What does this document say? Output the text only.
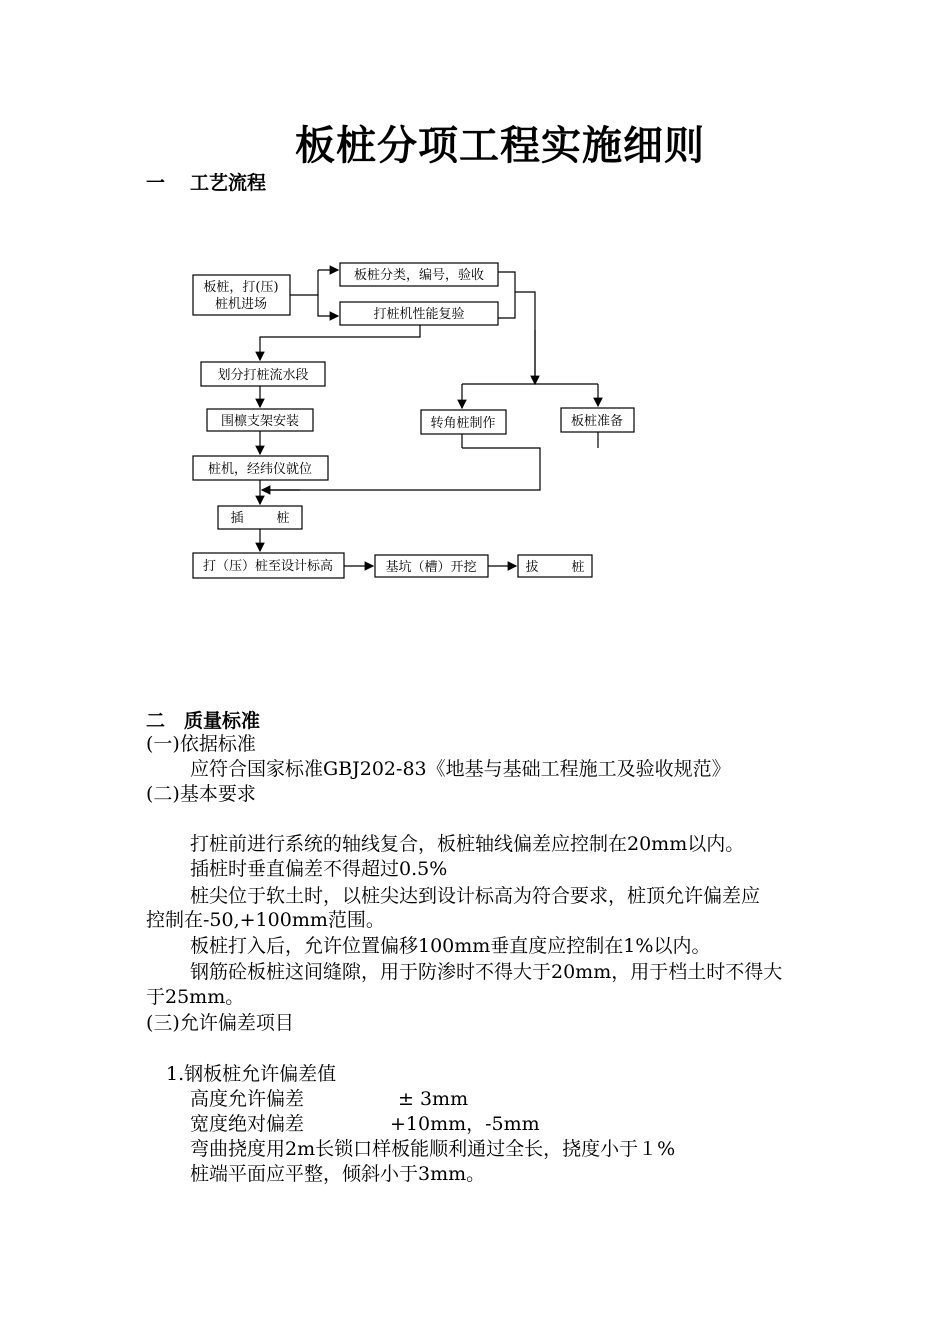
板桩分项工程实施细则
一 工艺流程
板桩，打(压)
桩机进场
板桩分类，编号，验收
打桩机性能复验
划分打桩流水段
围檩支架安装	转角桩制作	板桩准备
桩机，经纬仪就位
插        桩
打（压）桩至设计标高	基坑（槽）开挖	拔        桩
二 质量标准
(一)依据标准
应符合国家标准GBJ202-83《地基与基础工程施工及验收规范》
(二)基本要求
打桩前进行系统的轴线复合，板桩轴线偏差应控制在20mm以内。
插桩时垂直偏差不得超过0.5%
桩尖位于软土时，以桩尖达到设计标高为符合要求，桩顶允许偏差应
控制在-50,+100mm范围。
板桩打入后，允许位置偏移100mm垂直度应控制在1%以内。
钢筋砼板桩这间缝隙，用于防渗时不得大于20mm，用于档土时不得大
于25mm。
(三)允许偏差项目
1.钢板桩允许偏差值
高度允许偏差	± 3mm
宽度绝对偏差	+10mm，-5mm
弯曲挠度用2m长锁口样板能顺利通过全长，挠度小于１%
桩端平面应平整，倾斜小于3mm。
